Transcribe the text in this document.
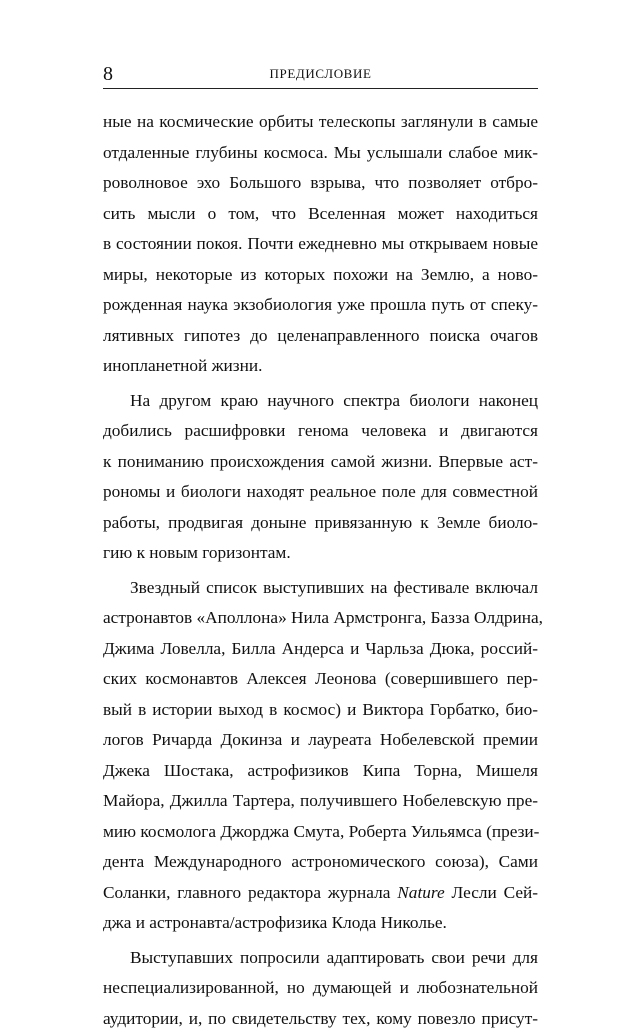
8	ПРЕДИСЛОВИЕ
ные на космические орбиты телескопы заглянули в самые
отдаленные глубины космоса. Мы услышали слабое мик-
роволновое эхо Большого взрыва, что позволяет отбро-
сить мысли о том, что Вселенная может находиться
в состоянии покоя. Почти ежедневно мы открываем новые
миры, некоторые из которых похожи на Землю, а ново-
рожденная наука экзобиология уже прошла путь от спеку-
лятивных гипотез до целенаправленного поиска очагов
инопланетной жизни.
На другом краю научного спектра биологи наконец
добились расшифровки генома человека и двигаются
к пониманию происхождения самой жизни. Впервые аст-
рономы и биологи находят реальное поле для совместной
работы, продвигая доныне привязанную к Земле биоло-
гию к новым горизонтам.
Звездный список выступивших на фестивале включал
астронавтов «Аполлона» Нила Армстронга, Базза Олдрина,
Джима Ловелла, Билла Андерса и Чарльза Дюка, россий-
ских космонавтов Алексея Леонова (совершившего пер-
вый в истории выход в космос) и Виктора Горбатко, био-
логов Ричарда Докинза и лауреата Нобелевской премии
Джека Шостака, астрофизиков Кипа Торна, Мишеля
Майора, Джилла Тартера, получившего Нобелевскую пре-
мию космолога Джорджа Смута, Роберта Уильямса (прези-
дента Международного астрономического союза), Сами
Соланки, главного редактора журнала Nature Лесли Сей-
джа и астронавта/астрофизика Клода Николье.
Выступавших попросили адаптировать свои речи для
неспециализированной, но думающей и любознательной
аудитории, и, по свидетельству тех, кому повезло присут-
